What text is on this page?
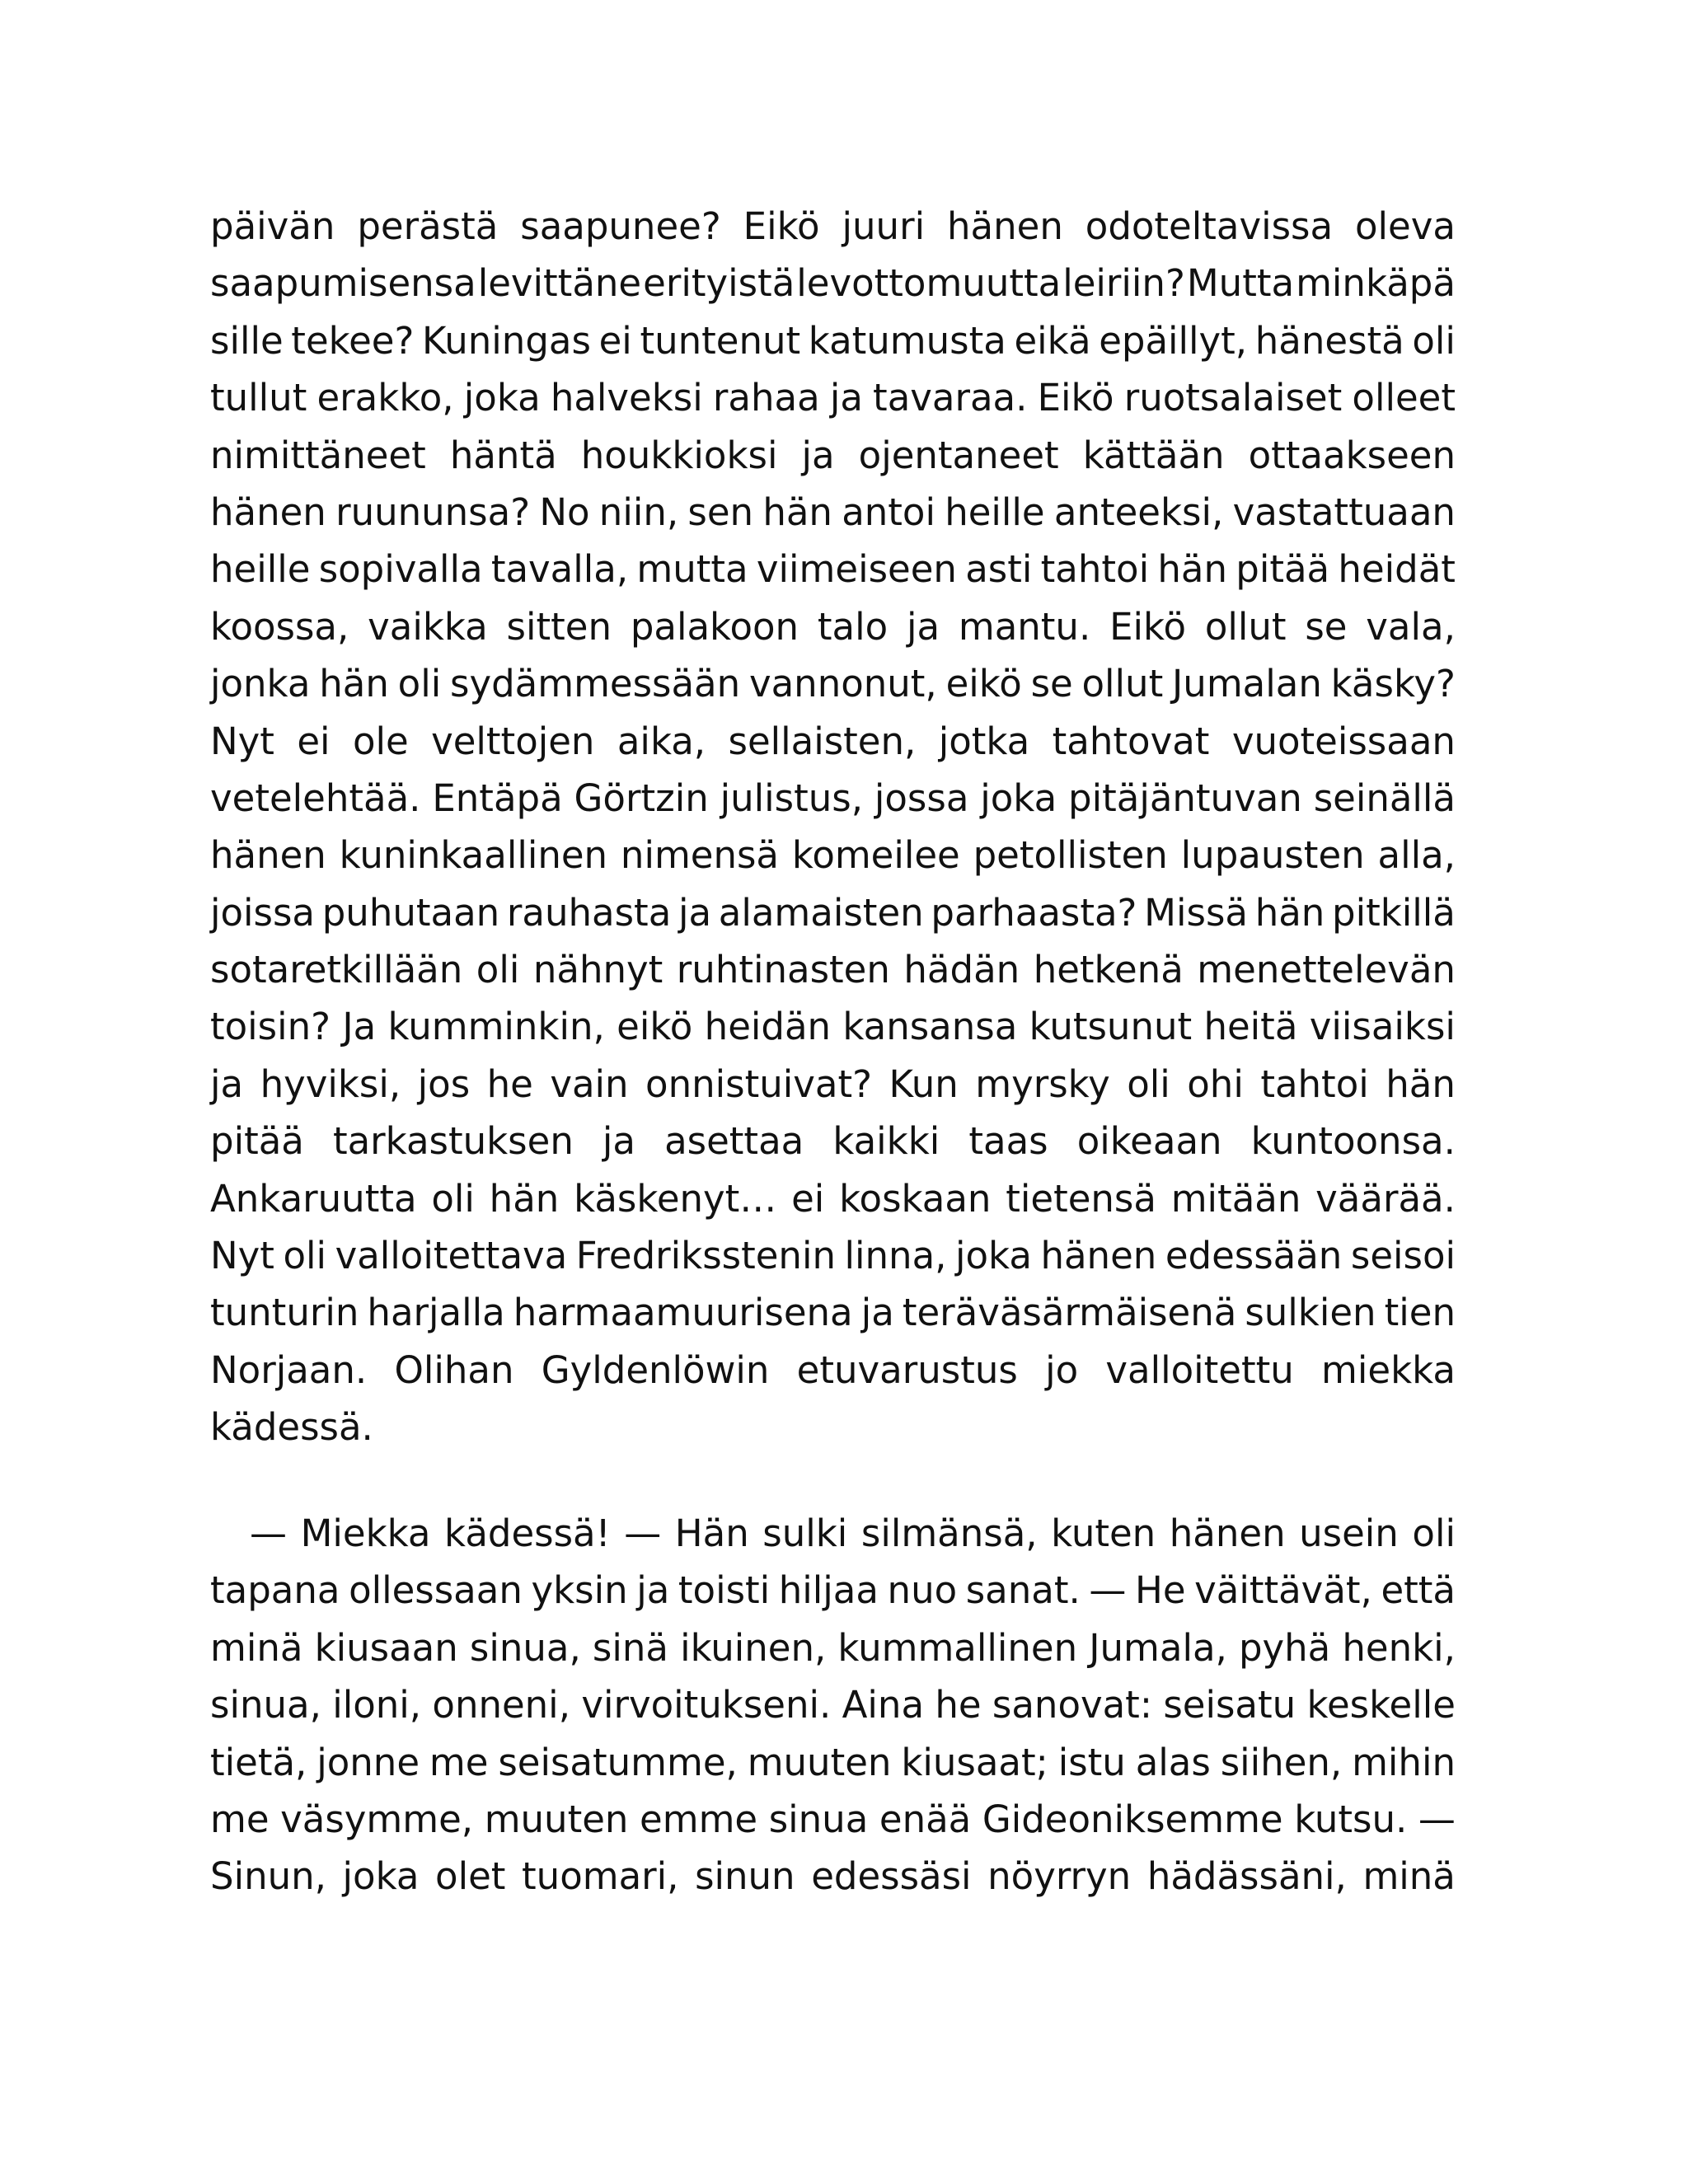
päivän perästä saapunee? Eikö juuri hänen odoteltavissa oleva
saapumisensa levittäne erityistä levottomuutta leiriin? Mutta minkäpä
sille tekee? Kuningas ei tuntenut katumusta eikä epäillyt, hänestä oli
tullut erakko, joka halveksi rahaa ja tavaraa. Eikö ruotsalaiset olleet
nimittäneet häntä houkkioksi ja ojentaneet kättään ottaakseen
hänen ruununsa? No niin, sen hän antoi heille anteeksi, vastattuaan
heille sopivalla tavalla, mutta viimeiseen asti tahtoi hän pitää heidät
koossa, vaikka sitten palakoon talo ja mantu. Eikö ollut se vala,
jonka hän oli sydämmessään vannonut, eikö se ollut Jumalan käsky?
Nyt ei ole velttojen aika, sellaisten, jotka tahtovat vuoteissaan
vetelehtää. Entäpä Görtzin julistus, jossa joka pitäjäntuvan seinällä
hänen kuninkaallinen nimensä komeilee petollisten lupausten alla,
joissa puhutaan rauhasta ja alamaisten parhaasta? Missä hän pitkillä
sotaretkillään oli nähnyt ruhtinasten hädän hetkenä menettelevän
toisin? Ja kumminkin, eikö heidän kansansa kutsunut heitä viisaiksi
ja hyviksi, jos he vain onnistuivat? Kun myrsky oli ohi tahtoi hän
pitää tarkastuksen ja asettaa kaikki taas oikeaan kuntoonsa.
Ankaruutta oli hän käskenyt… ei koskaan tietensä mitään väärää.
Nyt oli valloitettava Fredriksstenin linna, joka hänen edessään seisoi
tunturin harjalla harmaamuurisena ja teräväsärmäisenä sulkien tien
Norjaan. Olihan Gyldenlöwin etuvarustus jo valloitettu miekka
kädessä.
— Miekka kädessä! — Hän sulki silmänsä, kuten hänen usein oli
tapana ollessaan yksin ja toisti hiljaa nuo sanat. — He väittävät, että
minä kiusaan sinua, sinä ikuinen, kummallinen Jumala, pyhä henki,
sinua, iloni, onneni, virvoitukseni. Aina he sanovat: seisatu keskelle
tietä, jonne me seisatumme, muuten kiusaat; istu alas siihen, mihin
me väsymme, muuten emme sinua enää Gideoniksemme kutsu. —
Sinun, joka olet tuomari, sinun edessäsi nöyrryn hädässäni, minä
